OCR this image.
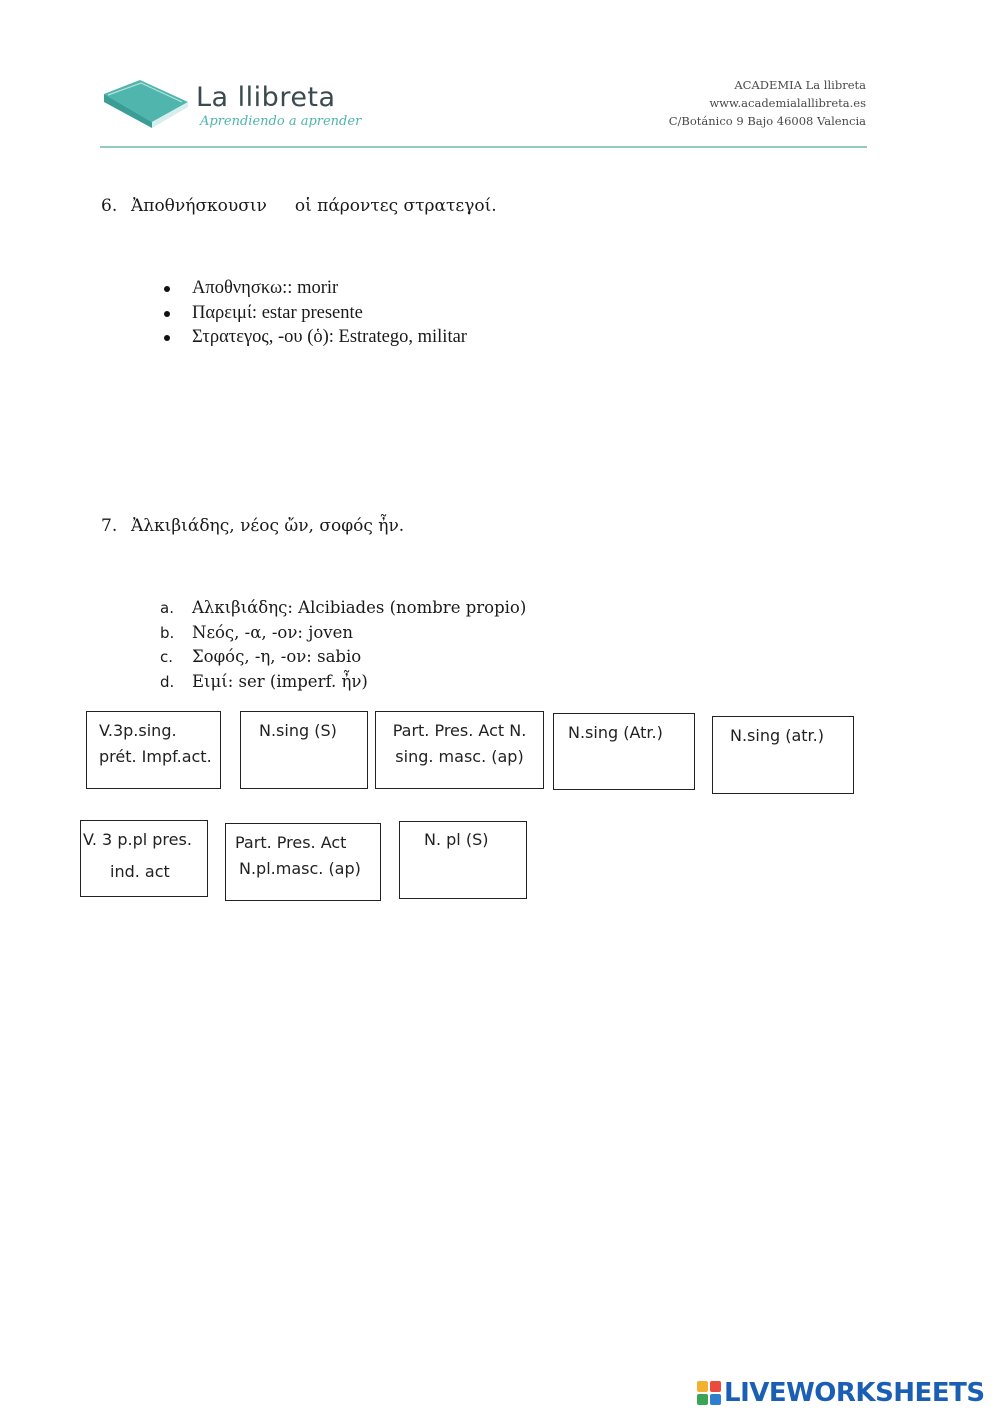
La llibreta
Aprendiendo a aprender
ACADEMIA La llibreta
www.academialallibreta.es
C/Botánico 9 Bajo 46008 Valencia
6. Ἀποθνήσκουσιν οἱ πάροντες στρατεγοί.
Αποθνησκω:: morir
Παρειμί: estar presente
Στρατεγος, -ου (ὁ): Estratego, militar
7. Ἀλκιβιάδης, νέος ὤν, σοφός ἦν.
a. Αλκιβιάδης: Alcibiades (nombre propio)
b. Νεός, -α, -ον: joven
c. Σοφός, -η, -ον: sabio
d. Ειμί: ser (imperf. ἦν)
V.3p.sing.
prét. Impf.act.
N.sing (S)	Part. Pres. Act N.
sing. masc. (ap)
N.sing (Atr.)	N.sing (atr.)
V. 3 p.pl pres.
ind. act
Part. Pres. Act
N.pl.masc. (ap)
N. pl (S)
LIVEWORKSHEETS
